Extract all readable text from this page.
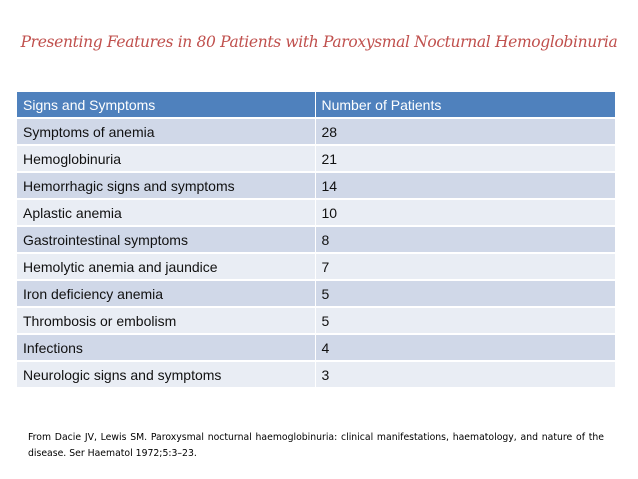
Presenting Features in 80 Patients with Paroxysmal Nocturnal Hemoglobinuria
Signs and Symptoms	Number of Patients
Symptoms of anemia	28
Hemoglobinuria	21
Hemorrhagic signs and symptoms	14
Aplastic anemia	10
Gastrointestinal symptoms	8
Hemolytic anemia and jaundice	7
Iron deficiency anemia	5
Thrombosis or embolism	5
Infections	4
Neurologic signs and symptoms	3
From Dacie JV, Lewis SM. Paroxysmal nocturnal haemoglobinuria: clinical manifestations, haematology, and nature of the disease. Ser Haematol 1972;5:3–23.
